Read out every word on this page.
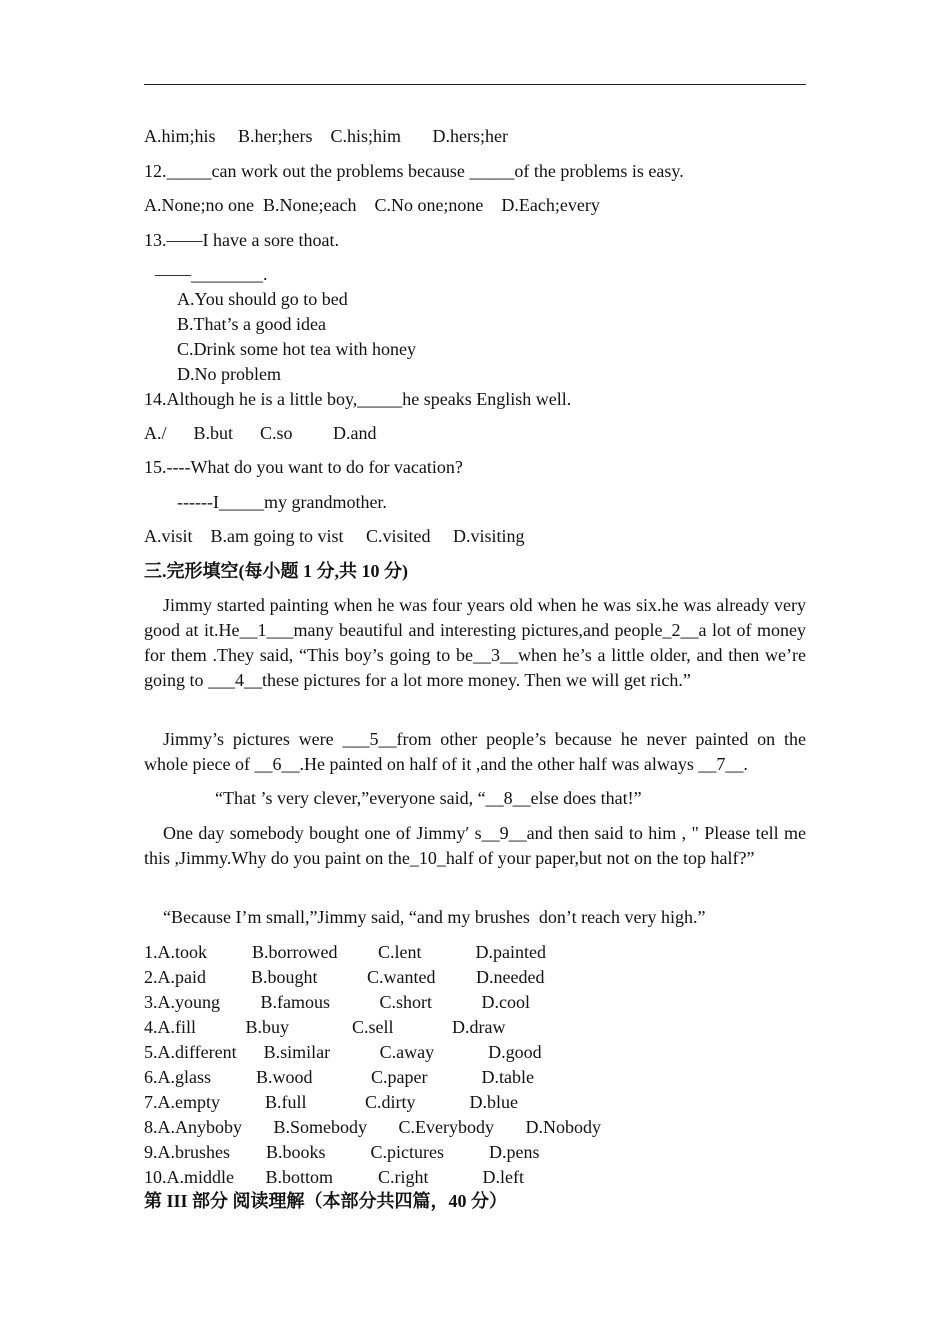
A.him;his     B.her;hers    C.his;him       D.hers;her
12._____can work out the problems because _____of the problems is easy.
A.None;no one  B.None;each    C.No one;none    D.Each;every
13.——I have a sore thoat.
——________.
A.You should go to bed
B.That’s a good idea
C.Drink some hot tea with honey
D.No problem
14.Although he is a little boy,_____he speaks English well.
A./      B.but      C.so         D.and
15.----What do you want to do for vacation?
------I_____my grandmother.
A.visit    B.am going to vist     C.visited     D.visiting
三.完形填空(每小题 1 分,共 10 分)
Jimmy started painting when he was four years old when he was six.he was already very good at it.He__1___many beautiful and interesting pictures,and people_2__a lot of money for them .They said, “This boy’s going to be__3__when he’s a little older, and then we’re going to ___4__these pictures for a lot more money. Then we will get rich.”
Jimmy’s pictures were ___5__from other people’s because he never painted on the whole piece of __6__.He painted on half of it ,and the other half was always __7__.
“That ’s very clever,”everyone said, “__8__else does that!”
One day somebody bought one of Jimmy′ s__9__and then said to him , " Please tell me this ,Jimmy.Why do you paint on the_10_half of your paper,but not on the top half?”
“Because I’m small,”Jimmy said, “and my brushes  don’t reach very high.”
1.A.took          B.borrowed         C.lent            D.painted
2.A.paid          B.bought           C.wanted         D.needed
3.A.young         B.famous           C.short           D.cool
4.A.fill           B.buy              C.sell             D.draw
5.A.different      B.similar           C.away            D.good
6.A.glass          B.wood             C.paper            D.table
7.A.empty          B.full             C.dirty            D.blue
8.A.Anyboby       B.Somebody       C.Everybody       D.Nobody
9.A.brushes        B.books          C.pictures          D.pens
10.A.middle       B.bottom          C.right            D.left
第 III 部分 阅读理解（本部分共四篇，40 分）
